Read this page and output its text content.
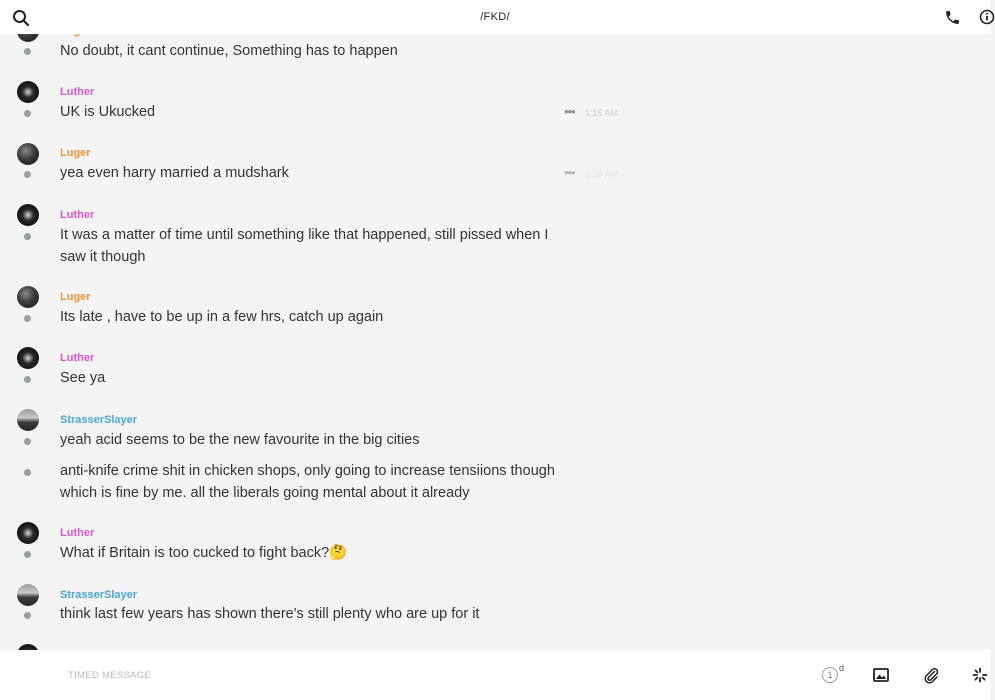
/FKD/
No doubt, it cant continue, Something has to happen
Luther
UK is Ukucked	••• 1:15 AM
Luger
yea even harry married a mudshark	••• 1:16 AM
Luther
It was a matter of time until something like that happened, still pissed when I saw it though
Luger
Its late , have to be up in a few hrs, catch up again
Luther
See ya
StrasserSlayer
yeah acid seems to be the new favourite in the big cities
anti-knife crime shit in chicken shops, only going to increase tensiions though which is fine by me. all the liberals going mental about it already
Luther
What if Britain is too cucked to fight back?🤔
StrasserSlayer
think last few years has shown there's still plenty who are up for it
TIMED MESSAGE	1
d
